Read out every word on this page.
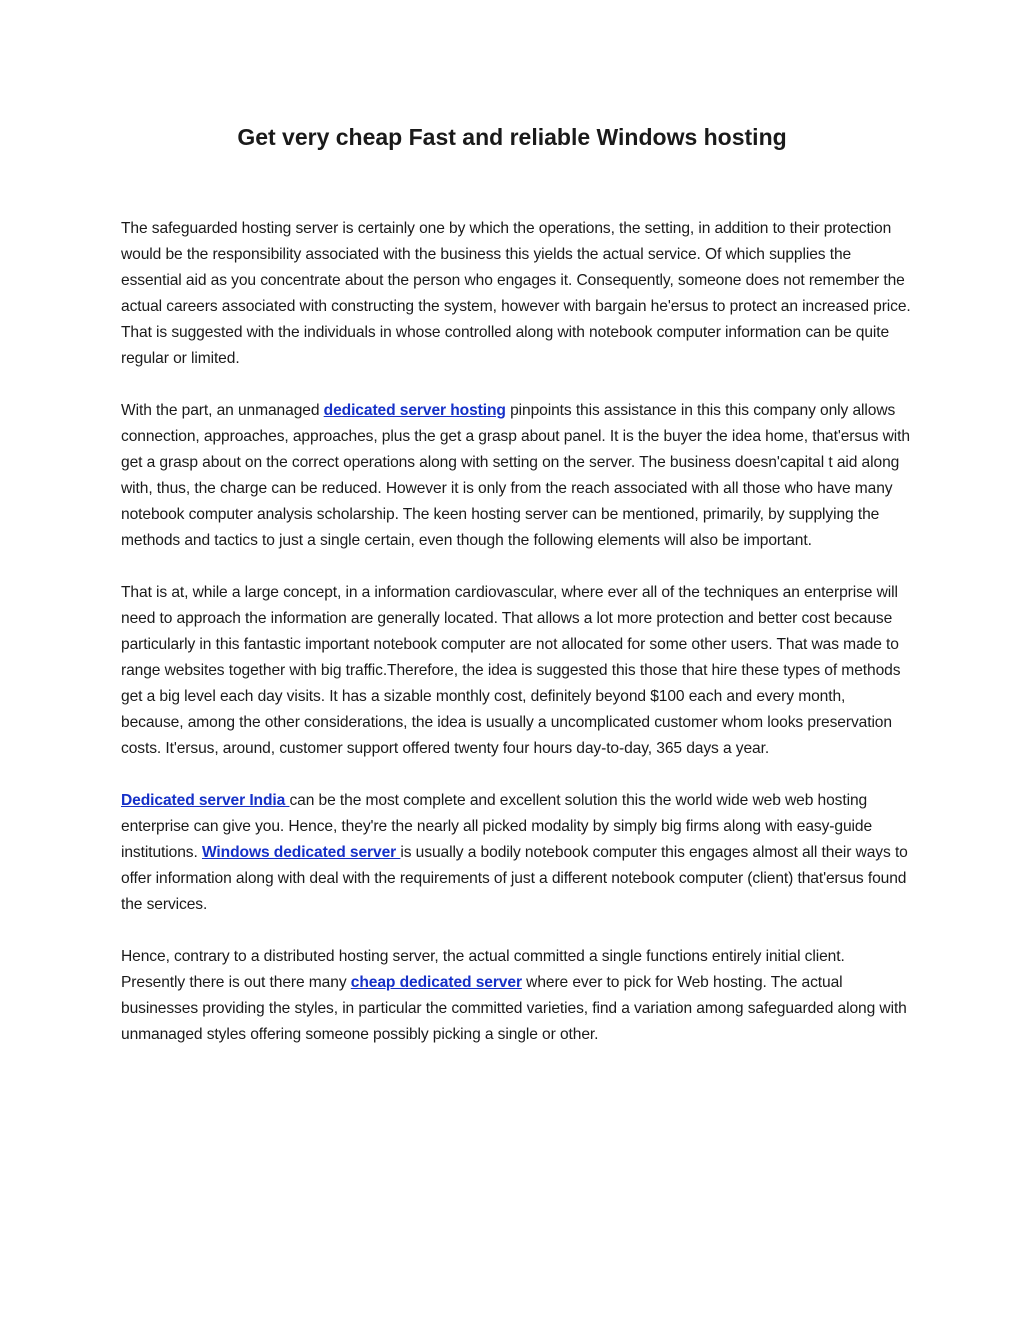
Get very cheap Fast and reliable Windows hosting

The safeguarded hosting server is certainly one by which the operations, the setting, in addition to their protection would be the responsibility associated with the business this yields the actual service. Of which supplies the essential aid as you concentrate about the person who engages it. Consequently, someone does not remember the actual careers associated with constructing the system, however with bargain he'ersus to protect an increased price. That is suggested with the individuals in whose controlled along with notebook computer information can be quite regular or limited.

With the part, an unmanaged dedicated server hosting pinpoints this assistance in this this company only allows connection, approaches, approaches, plus the get a grasp about panel. It is the buyer the idea home, that'ersus with get a grasp about on the correct operations along with setting on the server. The business doesn'capital t aid along with, thus, the charge can be reduced. However it is only from the reach associated with all those who have many notebook computer analysis scholarship. The keen hosting server can be mentioned, primarily, by supplying the methods and tactics to just a single certain, even though the following elements will also be important.

That is at, while a large concept, in a information cardiovascular, where ever all of the techniques an enterprise will need to approach the information are generally located. That allows a lot more protection and better cost because particularly in this fantastic important notebook computer are not allocated for some other users. That was made to range websites together with big traffic.Therefore, the idea is suggested this those that hire these types of methods get a big level each day visits. It has a sizable monthly cost, definitely beyond $100 each and every month, because, among the other considerations, the idea is usually a uncomplicated customer whom looks preservation costs. It'ersus, around, customer support offered twenty four hours day-to-day, 365 days a year.

Dedicated server India can be the most complete and excellent solution this the world wide web web hosting enterprise can give you. Hence, they're the nearly all picked modality by simply big firms along with easy-guide institutions. Windows dedicated server is usually a bodily notebook computer this engages almost all their ways to offer information along with deal with the requirements of just a different notebook computer (client) that'ersus found the services.

Hence, contrary to a distributed hosting server, the actual committed a single functions entirely initial client. Presently there is out there many cheap dedicated server where ever to pick for Web hosting. The actual businesses providing the styles, in particular the committed varieties, find a variation among safeguarded along with unmanaged styles offering someone possibly picking a single or other.
